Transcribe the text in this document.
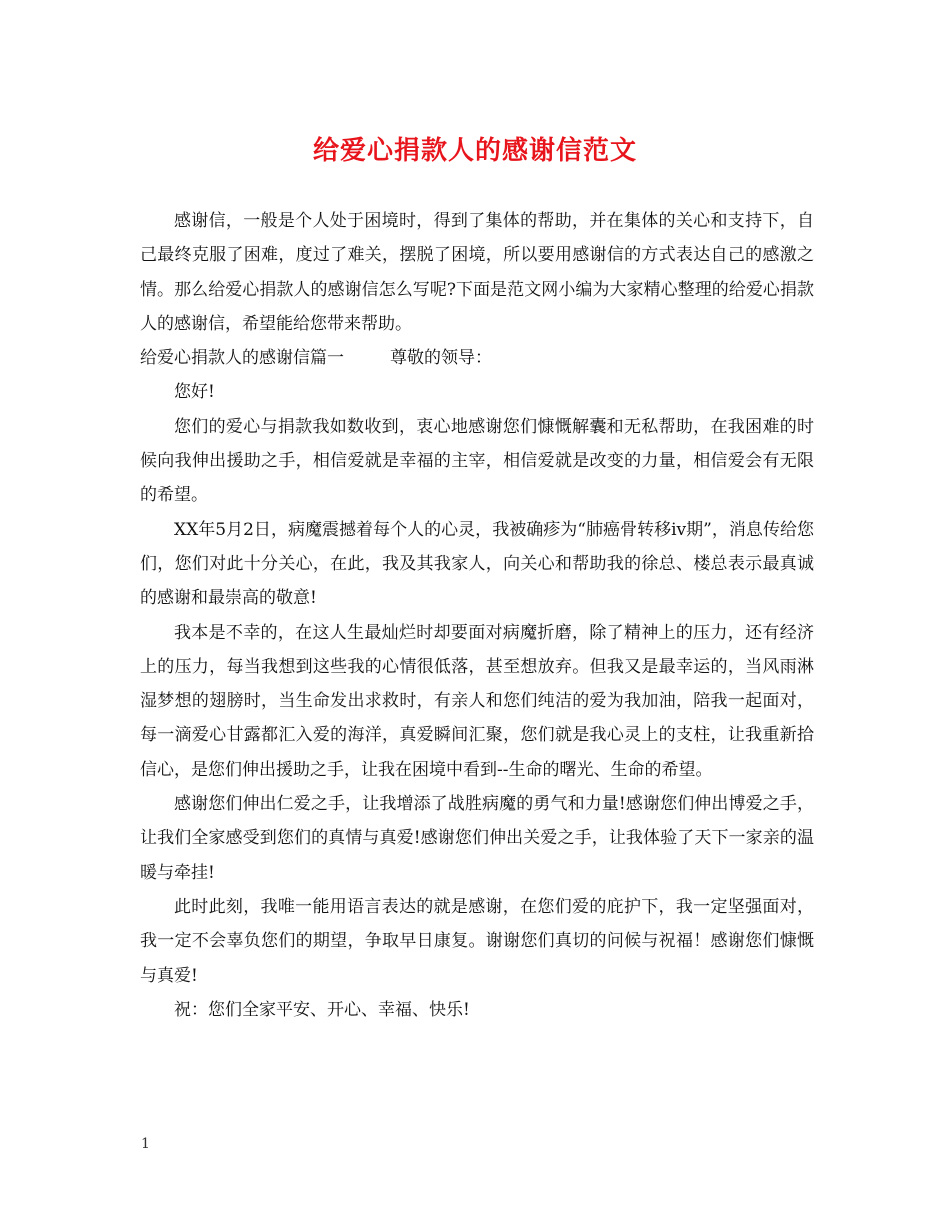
给爱心捐款人的感谢信范文

感谢信，一般是个人处于困境时，得到了集体的帮助，并在集体的关心和支持下，自己最终克服了困难，度过了难关，摆脱了困境，所以要用感谢信的方式表达自己的感激之情。那么给爱心捐款人的感谢信怎么写呢?下面是范文网小编为大家精心整理的给爱心捐款人的感谢信，希望能给您带来帮助。

给爱心捐款人的感谢信篇一	尊敬的领导：

您好!

您们的爱心与捐款我如数收到，衷心地感谢您们慷慨解囊和无私帮助，在我困难的时候向我伸出援助之手，相信爱就是幸福的主宰，相信爱就是改变的力量，相信爱会有无限的希望。

XX年5月2日，病魔震撼着每个人的心灵，我被确疹为“肺癌骨转移iv期”，消息传给您们，您们对此十分关心，在此，我及其我家人，向关心和帮助我的徐总、楼总表示最真诚的感谢和最崇高的敬意!

我本是不幸的，在这人生最灿烂时却要面对病魔折磨，除了精神上的压力，还有经济上的压力，每当我想到这些我的心情很低落，甚至想放弃。但我又是最幸运的，当风雨淋湿梦想的翅膀时，当生命发出求救时，有亲人和您们纯洁的爱为我加油，陪我一起面对，每一滴爱心甘露都汇入爱的海洋，真爱瞬间汇聚，您们就是我心灵上的支柱，让我重新拾信心，是您们伸出援助之手，让我在困境中看到--生命的曙光、生命的希望。

感谢您们伸出仁爱之手，让我增添了战胜病魔的勇气和力量!感谢您们伸出博爱之手，让我们全家感受到您们的真情与真爱!感谢您们伸出关爱之手，让我体验了天下一家亲的温暖与牵挂!

此时此刻，我唯一能用语言表达的就是感谢，在您们爱的庇护下，我一定坚强面对，我一定不会辜负您们的期望，争取早日康复。谢谢您们真切的问候与祝福！感谢您们慷慨与真爱!

祝：您们全家平安、开心、幸福、快乐!

1
